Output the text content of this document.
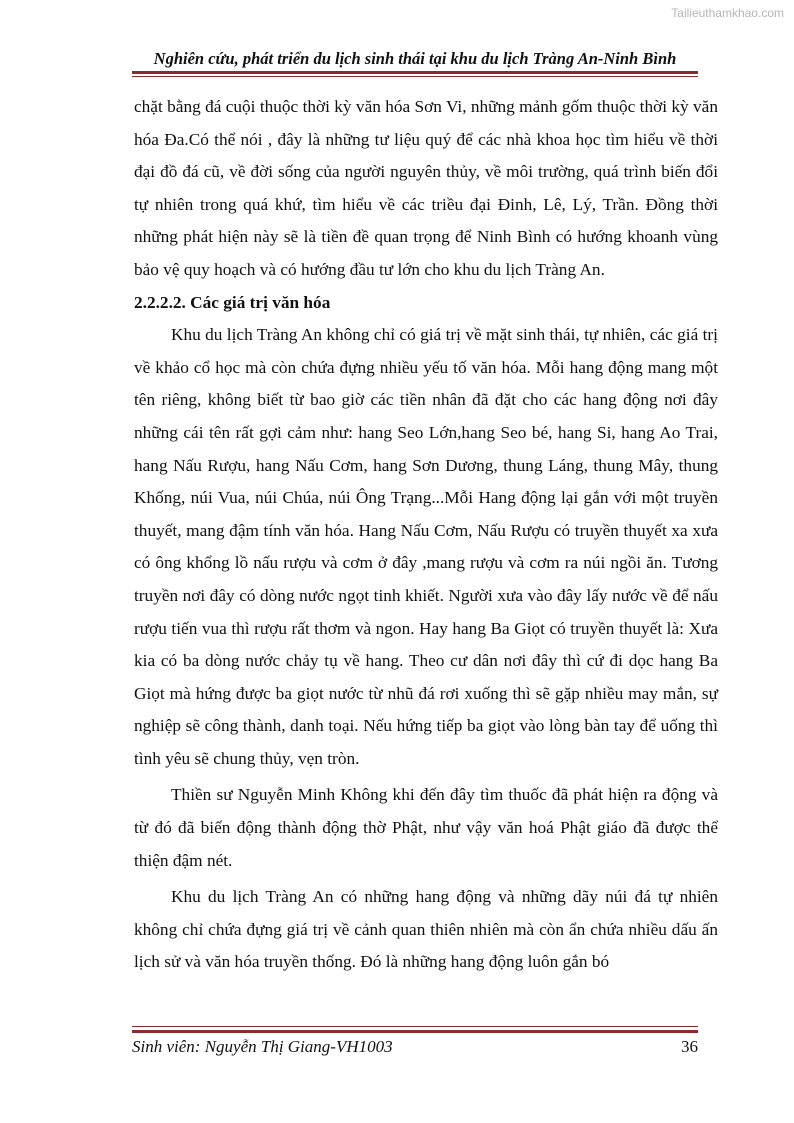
Tailieuthamkhao.com
Nghiên cứu, phát triển du lịch sinh thái tại khu du lịch Tràng An-Ninh Bình

chặt bằng đá cuội thuộc thời kỳ văn hóa Sơn Vi, những mảnh gốm thuộc thời kỳ văn hóa Đa.Có thể nói , đây là những tư liệu quý để các nhà khoa học tìm hiểu về thời đại đồ đá cũ, về đời sống của người nguyên thủy, về môi trường, quá trình biến đổi tự nhiên trong quá khứ, tìm hiểu về các triều đại Đinh, Lê, Lý, Trần. Đồng thời những phát hiện này sẽ là tiền đề quan trọng để Ninh Bình có hướng khoanh vùng bảo vệ quy hoạch và có hướng đầu tư lớn cho khu du lịch Tràng An.

2.2.2.2. Các giá trị văn hóa

Khu du lịch Tràng An không chỉ có giá trị về mặt sinh thái, tự nhiên, các giá trị về khảo cổ học mà còn chứa đựng nhiều yếu tố văn hóa. Mỗi hang động mang một tên riêng, không biết từ bao giờ các tiền nhân đã đặt cho các hang động nơi đây những cái tên rất gợi cảm như: hang Seo Lớn,hang Seo bé, hang Si, hang Ao Trai, hang Nấu Rượu, hang Nấu Cơm, hang Sơn Dương, thung Láng, thung Mây, thung Khống, núi Vua, núi Chúa, núi Ông Trạng...Mỗi Hang động lại gắn với một truyền thuyết, mang đậm tính văn hóa. Hang Nấu Cơm, Nấu Rượu có truyền thuyết xa xưa có ông khổng lồ nấu rượu và cơm ở đây ,mang rượu và cơm ra núi ngồi ăn. Tương truyền nơi đây có dòng nước ngọt tinh khiết. Người xưa vào đây lấy nước về để nấu rượu tiến vua thì rượu rất thơm và ngon. Hay hang Ba Giọt có truyền thuyết là: Xưa kia có ba dòng nước chảy tụ về hang. Theo cư dân nơi đây thì cứ đi dọc hang Ba Giọt mà hứng được ba giọt nước từ nhũ đá rơi xuống thì sẽ gặp nhiều may mắn, sự nghiệp sẽ công thành, danh toại. Nếu hứng tiếp ba giọt vào lòng bàn tay để uống thì tình yêu sẽ chung thủy, vẹn tròn.

Thiền sư Nguyễn Minh Không khi đến đây tìm thuốc đã phát hiện ra động và từ đó đã biến động thành động thờ Phật, như vậy văn hoá Phật giáo đã được thể thiện đậm nét.

Khu du lịch Tràng An có những hang động và những dãy núi đá tự nhiên không chỉ chứa đựng giá trị về cảnh quan thiên nhiên mà còn ẩn chứa nhiều dấu ấn lịch sử và văn hóa truyền thống. Đó là những hang động luôn gắn bó

Sinh viên: Nguyễn Thị Giang-VH1003	36
